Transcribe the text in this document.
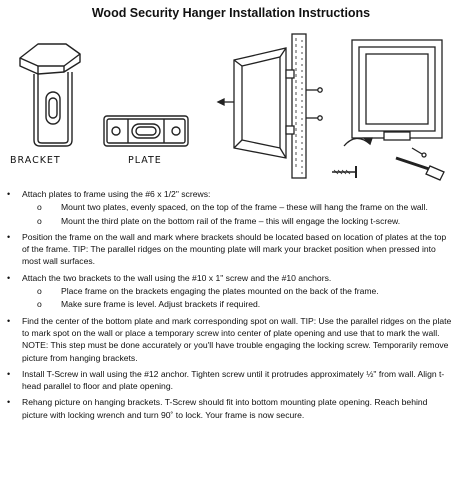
Wood Security Hanger Installation Instructions
BRACKET	PLATE
• Attach plates to frame using the #6 x 1/2" screws:
o Mount two plates, evenly spaced, on the top of the frame – these will hang the frame on the wall.
o Mount the third plate on the bottom rail of the frame – this will engage the locking t-screw.
• Position the frame on the wall and mark where brackets should be located based on location of plates at the top of the frame. TIP: The parallel ridges on the mounting plate will mark your bracket position when pressed into most wall surfaces.
• Attach the two brackets to the wall using the #10 x 1" screw and the #10 anchors.
o Place frame on the brackets engaging the plates mounted on the back of the frame.
o Make sure frame is level. Adjust brackets if required.
• Find the center of the bottom plate and mark corresponding spot on wall. TIP: Use the parallel ridges on the plate to mark spot on the wall or place a temporary screw into center of plate opening and use that to mark the wall. NOTE: This step must be done accurately or you'll have trouble engaging the locking screw. Temporarily remove picture from hanging brackets.
• Install T-Screw in wall using the #12 anchor. Tighten screw until it protrudes approximately ½" from wall. Align t-head parallel to floor and plate opening.
• Rehang picture on hanging brackets. T-Screw should fit into bottom mounting plate opening. Reach behind picture with locking wrench and turn 90˚ to lock. Your frame is now secure.
